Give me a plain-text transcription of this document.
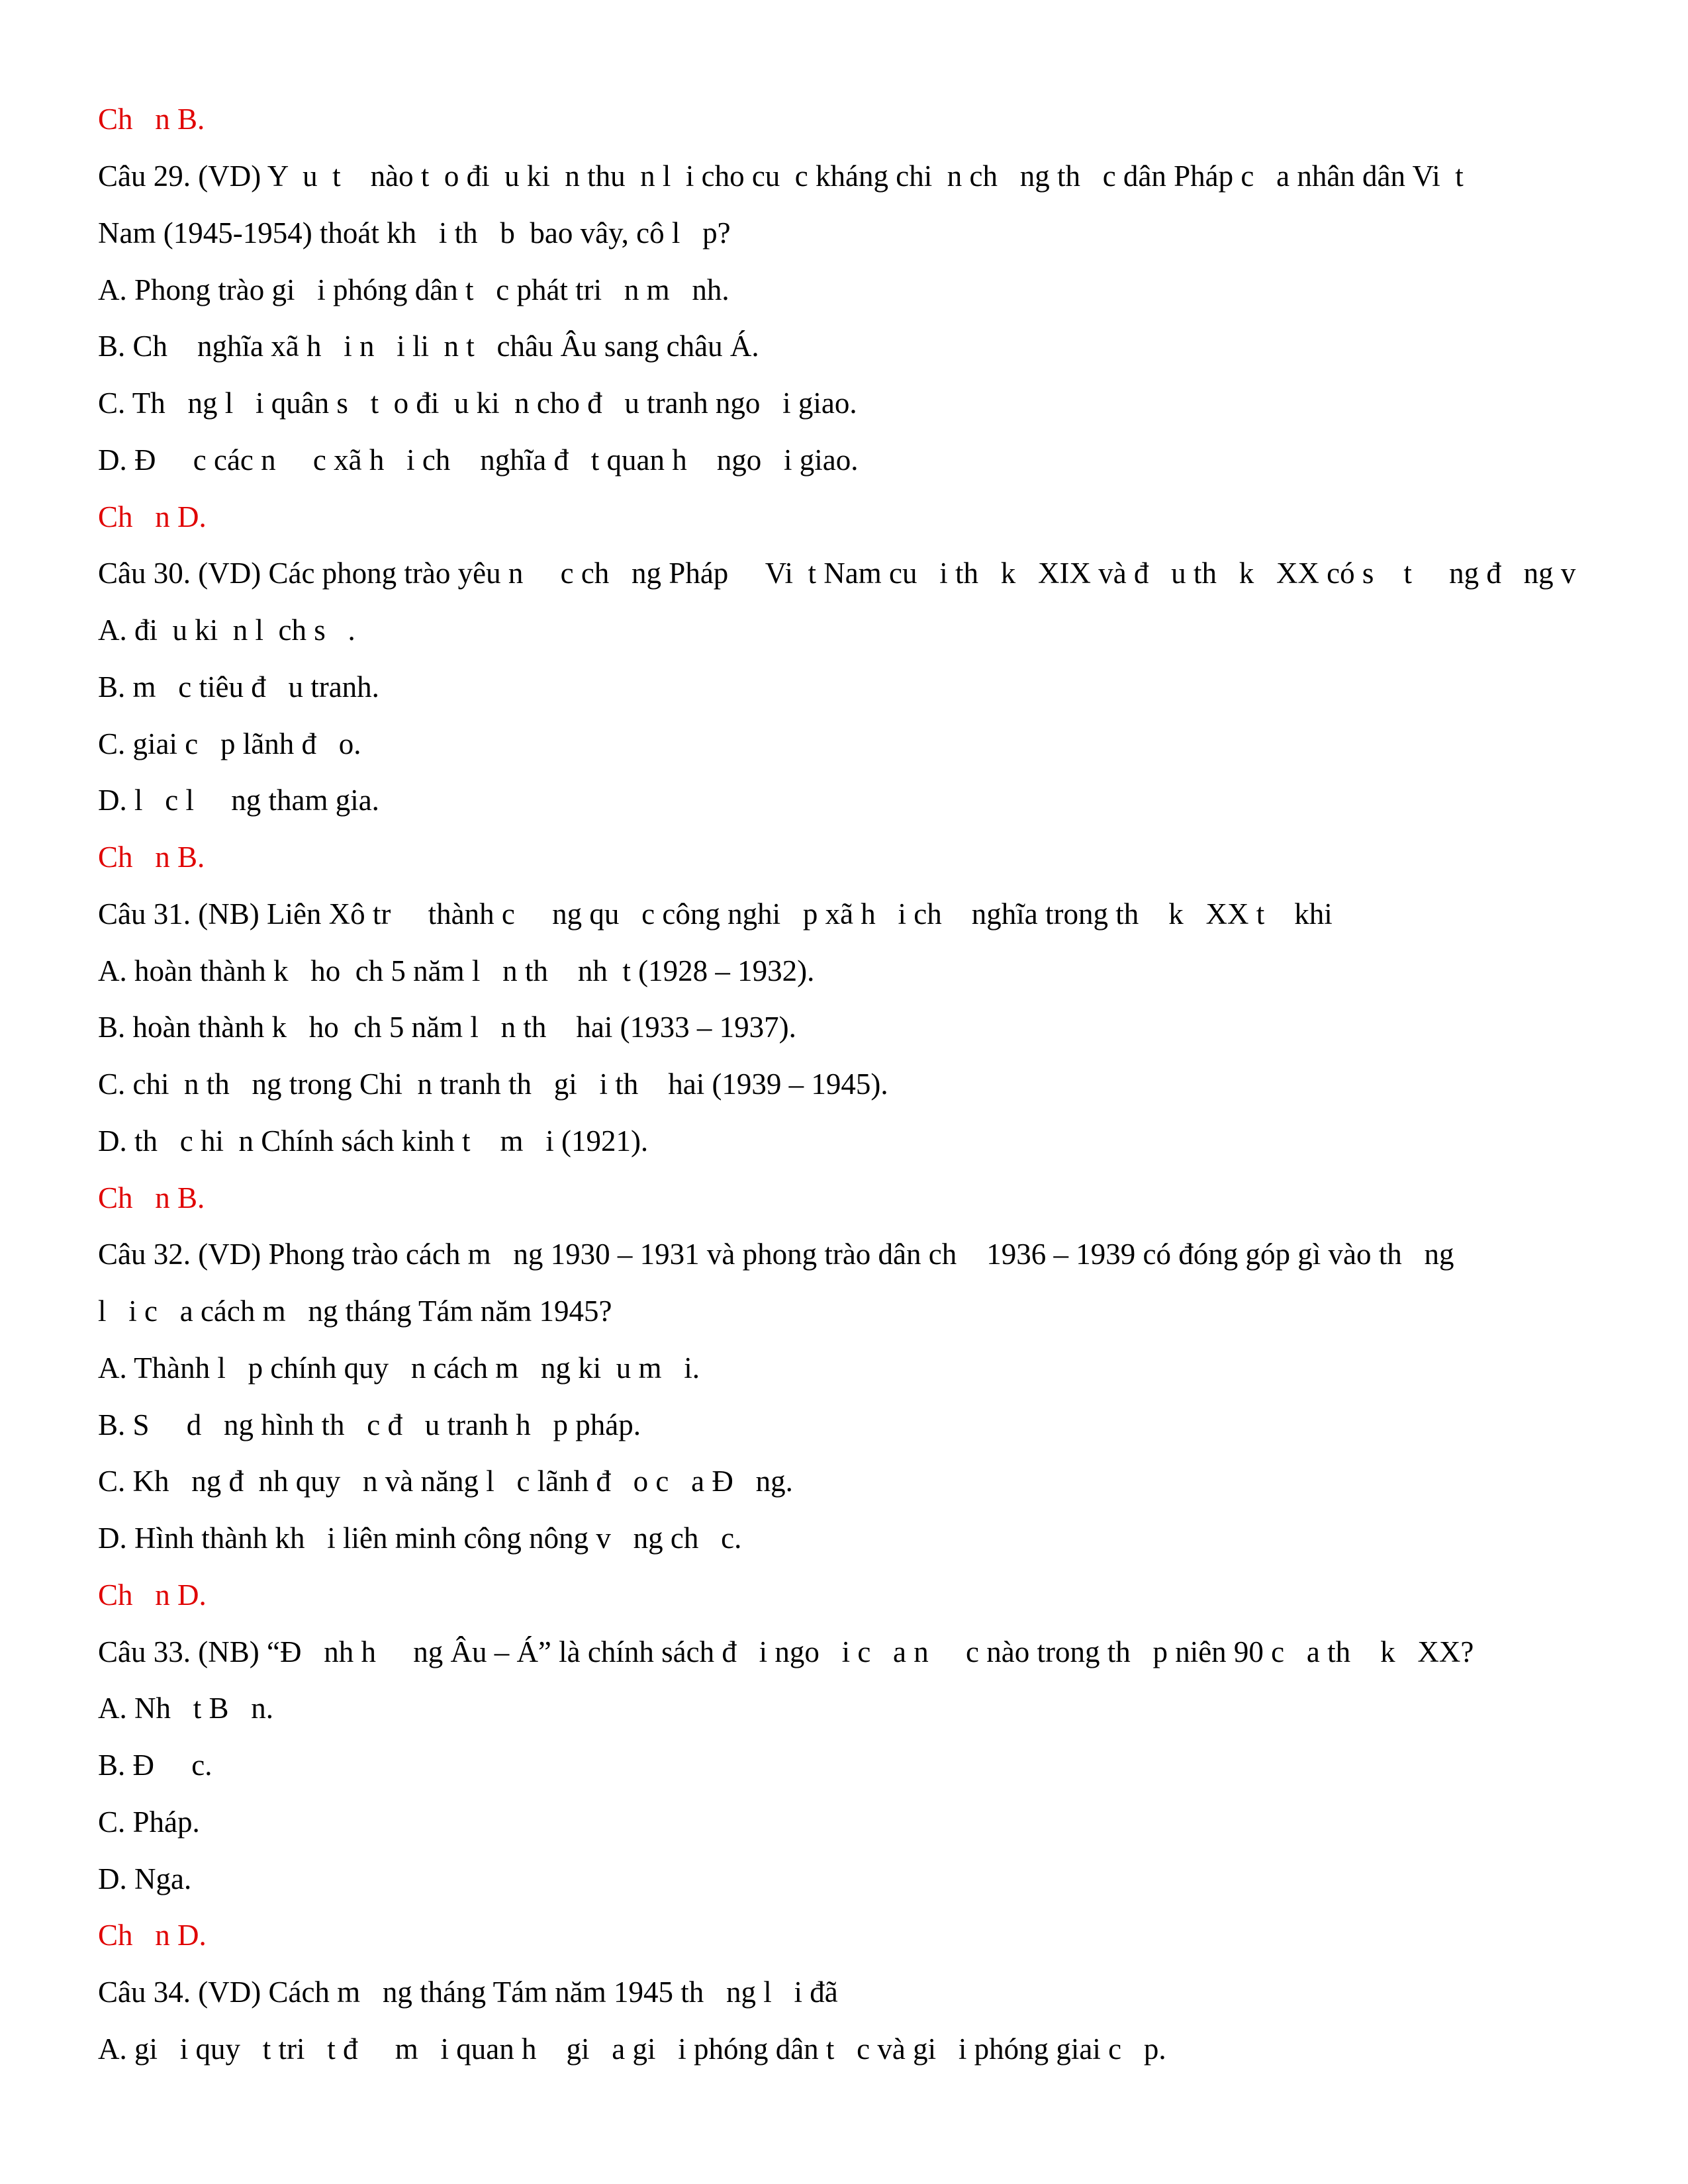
Ch   n B.
Câu 29. (VD) Y  u  t    nào t  o đi  u ki  n thu  n l  i cho cu  c kháng chi  n ch   ng th   c dân Pháp c   a nhân dân Vi  t
Nam (1945-1954) thoát kh   i th   b  bao vây, cô l   p?
A. Phong trào gi   i phóng dân t   c phát tri   n m   nh.
B. Ch    nghĩa xã h   i n   i li  n t   châu Âu sang châu Á.
C. Th   ng l   i quân s   t  o đi  u ki  n cho đ   u tranh ngo   i giao.
D. Đ     c các n     c xã h   i ch    nghĩa đ   t quan h    ngo   i giao.
Ch   n D.
Câu 30. (VD) Các phong trào yêu n     c ch   ng Pháp     Vi  t Nam cu   i th   k   XIX và đ   u th   k   XX có s    t     ng đ   ng v
A. đi  u ki  n l  ch s   .
B. m   c tiêu đ   u tranh.
C. giai c   p lãnh đ   o.
D. l   c l     ng tham gia.
Ch   n B.
Câu 31. (NB) Liên Xô tr     thành c     ng qu   c công nghi   p xã h   i ch    nghĩa trong th    k   XX t    khi
A. hoàn thành k   ho  ch 5 năm l   n th    nh  t (1928 – 1932).
B. hoàn thành k   ho  ch 5 năm l   n th    hai (1933 – 1937).
C. chi  n th   ng trong Chi  n tranh th   gi   i th    hai (1939 – 1945).
D. th   c hi  n Chính sách kinh t    m   i (1921).
Ch   n B.
Câu 32. (VD) Phong trào cách m   ng 1930 – 1931 và phong trào dân ch    1936 – 1939 có đóng góp gì vào th   ng
l   i c   a cách m   ng tháng Tám năm 1945?
A. Thành l   p chính quy   n cách m   ng ki  u m   i.
B. S     d   ng hình th   c đ   u tranh h   p pháp.
C. Kh   ng đ  nh quy   n và năng l   c lãnh đ   o c   a Đ   ng.
D. Hình thành kh   i liên minh công nông v   ng ch   c.
Ch   n D.
Câu 33. (NB) “Đ   nh h     ng Âu – Á” là chính sách đ   i ngo   i c   a n     c nào trong th   p niên 90 c   a th    k   XX?
A. Nh   t B   n.
B. Đ     c.
C. Pháp.
D. Nga.
Ch   n D.
Câu 34. (VD) Cách m   ng tháng Tám năm 1945 th   ng l   i đã
A. gi   i quy   t tri   t đ     m   i quan h    gi   a gi   i phóng dân t   c và gi   i phóng giai c   p.
